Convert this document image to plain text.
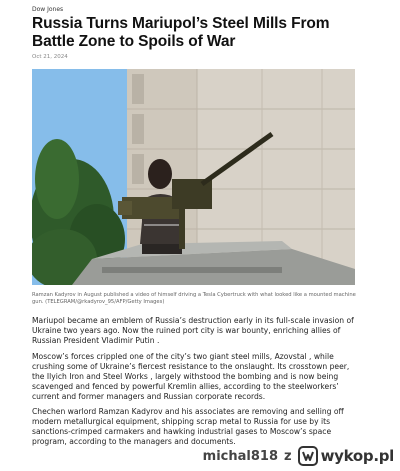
Dow Jones
Russia Turns Mariupol’s Steel Mills From Battle Zone to Spoils of War
Oct 21, 2024
Ramzan Kadyrov in August published a video of himself driving a Tesla Cybertruck with what looked like a mounted machine gun. (TELEGRAM/@rkadyrov_95/AFP/Getty Images)

Mariupol became an emblem of Russia’s destruction early in its full-scale invasion of Ukraine two years ago. Now the ruined port city is war bounty, enriching allies of Russian President Vladimir Putin .

Moscow’s forces crippled one of the city’s two giant steel mills, Azovstal , while crushing some of Ukraine’s fiercest resistance to the onslaught. Its crosstown peer, the Ilyich Iron and Steel Works , largely withstood the bombing and is now being scavenged and fenced by powerful Kremlin allies, according to the steelworkers’ current and former managers and Russian corporate records.

Chechen warlord Ramzan Kadyrov and his associates are removing and selling off modern metallurgical equipment, shipping scrap metal to Russia for use by its sanctions-crimped carmakers and hawking industrial gases to Moscow’s space program, according to the managers and documents.

michal818 z wykop.pl
